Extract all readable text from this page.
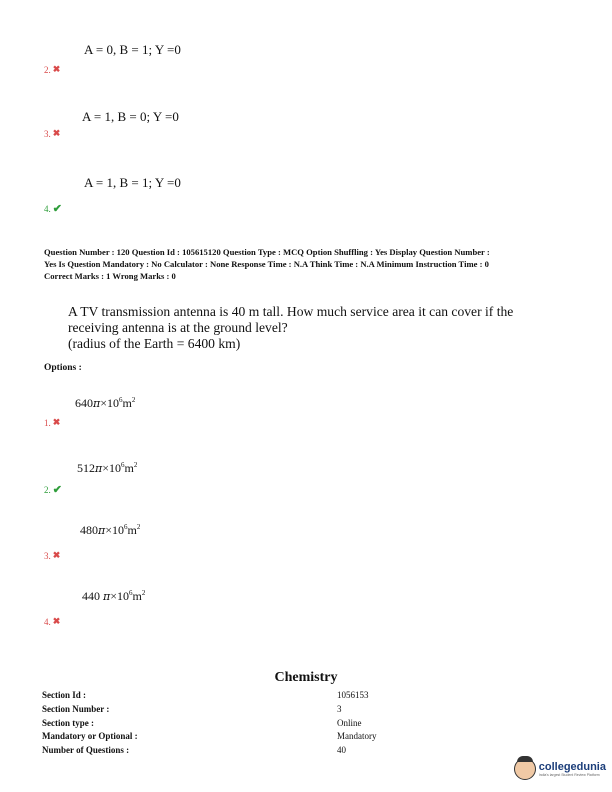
A = 0, B = 1; Y =0
2.
✖
A = 1, B = 0; Y =0
3.
✖
A = 1, B = 1; Y =0
4.
✔
Question Number : 120 Question Id : 105615120 Question Type : MCQ Option Shuffling : Yes Display Question Number :
Yes Is Question Mandatory : No Calculator : None Response Time : N.A Think Time : N.A Minimum Instruction Time : 0
Correct Marks : 1 Wrong Marks : 0
A TV transmission antenna is 40 m tall. How much service area it can cover if the
receiving antenna is at the ground level?
(radius of the Earth = 6400 km)
Options :
$640\pi\times 10^6m^2$
1.
✖
$512\pi\times 10^6m^2$
2.
✔
$480\pi\times 10^6m^2$
3.
✖
440 $\pi\times 10^6m^2$
4.
✖
Chemistry
Section Id :	1056153
Section Number :	3
Section type :	Online
Mandatory or Optional :	Mandatory
Number of Questions :	40
collegedunia
India's largest Student Review Platform
